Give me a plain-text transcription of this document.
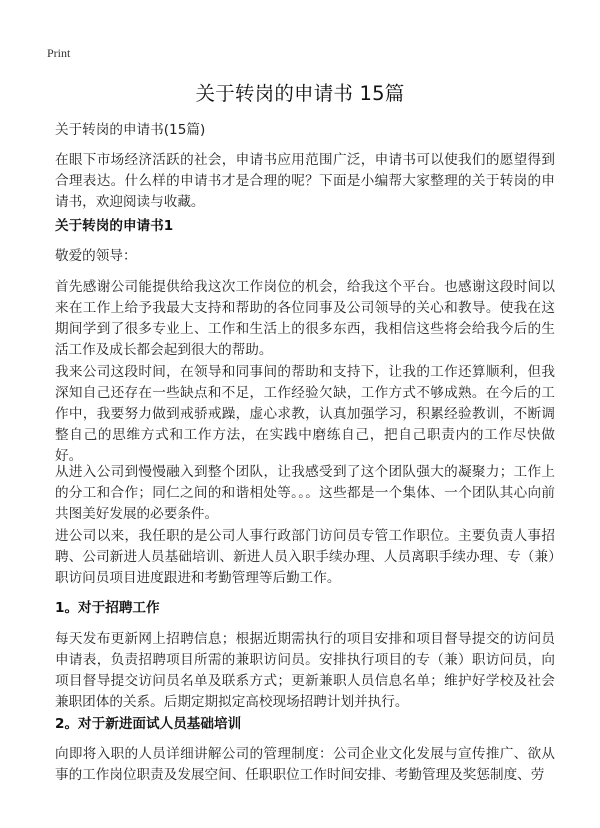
Print
关于转岗的申请书 15篇
关于转岗的申请书(15篇)
在眼下市场经济活跃的社会，申请书应用范围广泛，申请书可以使我们的愿望得到合理表达。什么样的申请书才是合理的呢？下面是小编帮大家整理的关于转岗的申请书，欢迎阅读与收藏。
关于转岗的申请书1
敬爱的领导：
首先感谢公司能提供给我这次工作岗位的机会，给我这个平台。也感谢这段时间以来在工作上给予我最大支持和帮助的各位同事及公司领导的关心和教导。使我在这期间学到了很多专业上、工作和生活上的很多东西，我相信这些将会给我今后的生活工作及成长都会起到很大的帮助。
我来公司这段时间，在领导和同事间的帮助和支持下，让我的工作还算顺利，但我深知自己还存在一些缺点和不足，工作经验欠缺，工作方式不够成熟。在今后的工作中，我要努力做到戒骄戒躁，虚心求教，认真加强学习，积累经验教训，不断调整自己的思维方式和工作方法，在实践中磨练自己，把自己职责内的工作尽快做好。
从进入公司到慢慢融入到整个团队，让我感受到了这个团队强大的凝聚力；工作上的分工和合作；同仁之间的和谐相处等。。。这些都是一个集体、一个团队其心向前共图美好发展的必要条件。
进公司以来，我任职的是公司人事行政部门访问员专管工作职位。主要负责人事招聘、公司新进人员基础培训、新进人员入职手续办理、人员离职手续办理、专（兼）职访问员项目进度跟进和考勤管理等后勤工作。
1。对于招聘工作
每天发布更新网上招聘信息；根据近期需执行的项目安排和项目督导提交的访问员申请表，负责招聘项目所需的兼职访问员。安排执行项目的专（兼）职访问员，向项目督导提交访问员名单及联系方式；更新兼职人员信息名单；维护好学校及社会兼职团体的关系。后期定期拟定高校现场招聘计划并执行。
2。对于新进面试人员基础培训
向即将入职的人员详细讲解公司的管理制度：公司企业文化发展与宣传推广、欲从事的工作岗位职责及发展空间、任职职位工作时间安排、考勤管理及奖惩制度、劳
